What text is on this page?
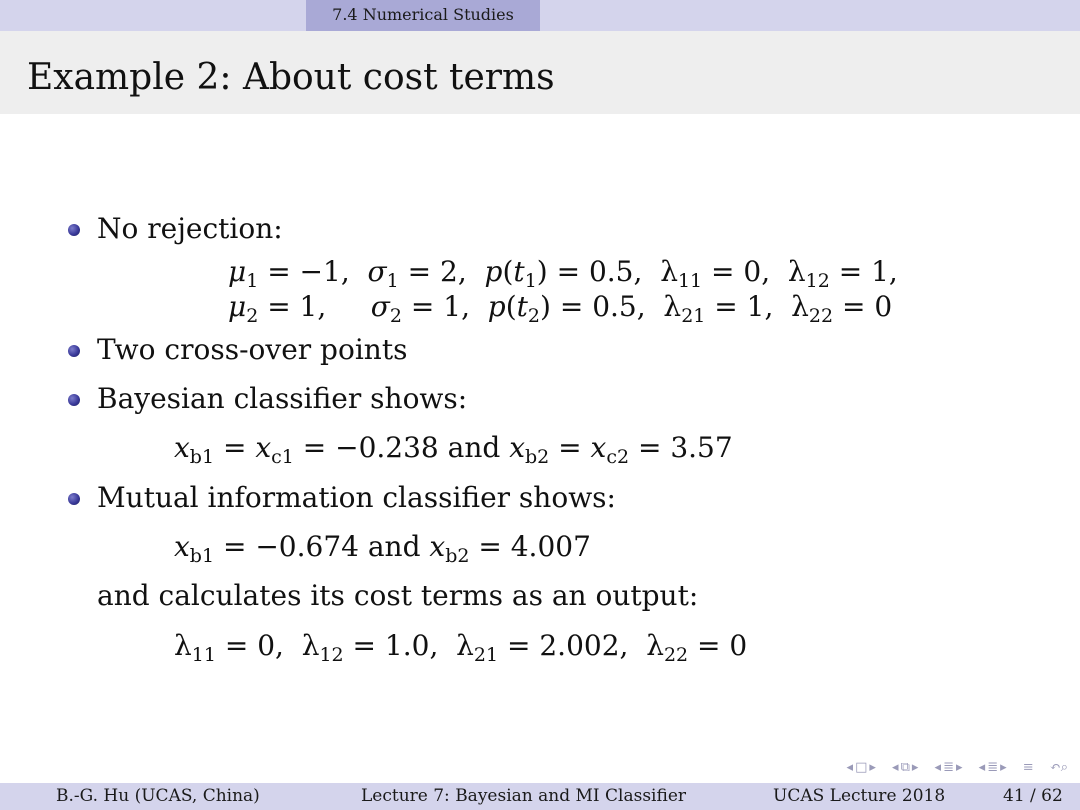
7.4 Numerical Studies
Example 2: About cost terms
No rejection:
$\mu_1 = -1$,  $\sigma_1 = 2$,  $p(t_1) = 0.5$,  $\lambda_{11} = 0$,  $\lambda_{12} = 1$,
$\mu_2 = 1$,     $\sigma_2 = 1$,  $p(t_2) = 0.5$,  $\lambda_{21} = 1$,  $\lambda_{22} = 0$
Two cross-over points
Bayesian classifier shows:
$x_{b1} = x_{c1} = -0.238$ and $x_{b2} = x_{c2} = 3.57$
Mutual information classifier shows:
$x_{b1} = -0.674$ and $x_{b2} = 4.007$
and calculates its cost terms as an output:
$\lambda_{11} = 0$,  $\lambda_{12} = 1.0$,  $\lambda_{21} = 2.002$,  $\lambda_{22} = 0$
◂ □ ▸ ◂ ⧉ ▸ ◂ ≣ ▸ ◂ ≣ ▸ ≡ ↶⌕
B.-G. Hu (UCAS, China)	Lecture 7: Bayesian and MI Classifier	UCAS Lecture 2018	41 / 62
